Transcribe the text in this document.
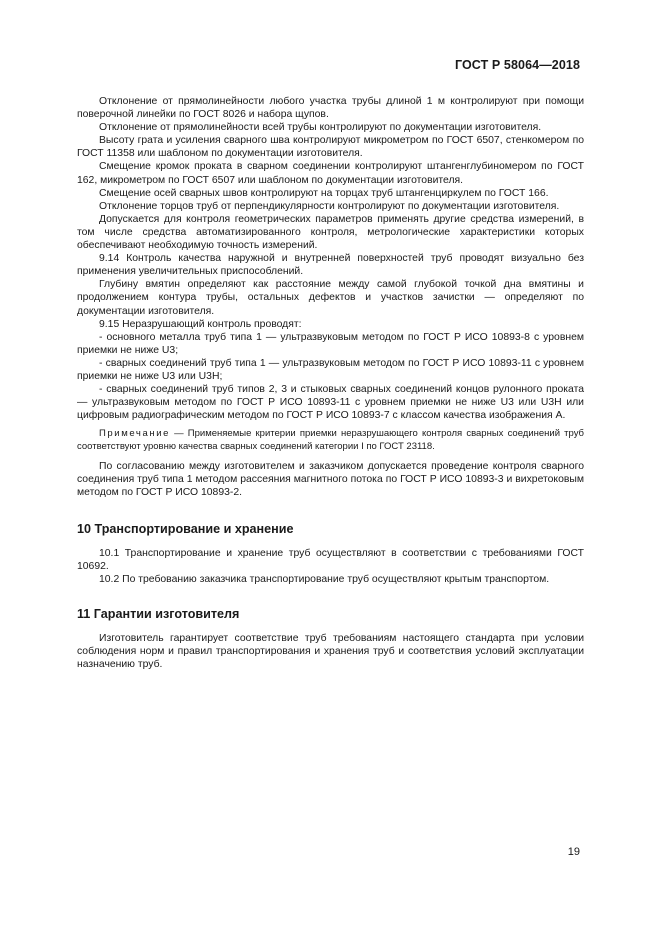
ГОСТ Р 58064—2018

Отклонение от прямолинейности любого участка трубы длиной 1 м контролируют при помощи поверочной линейки по ГОСТ 8026 и набора щупов.

Отклонение от прямолинейности всей трубы контролируют по документации изготовителя.

Высоту грата и усиления сварного шва контролируют микрометром по ГОСТ 6507, стенкомером по ГОСТ 11358 или шаблоном по документации изготовителя.

Смещение кромок проката в сварном соединении контролируют штангенглубиномером по ГОСТ 162, микрометром по ГОСТ 6507 или шаблоном по документации изготовителя.

Смещение осей сварных швов контролируют на торцах труб штангенциркулем по ГОСТ 166.

Отклонение торцов труб от перпендикулярности контролируют по документации изготовителя.

Допускается для контроля геометрических параметров применять другие средства измерений, в том числе средства автоматизированного контроля, метрологические характеристики которых обеспечивают необходимую точность измерений.

9.14 Контроль качества наружной и внутренней поверхностей труб проводят визуально без применения увеличительных приспособлений.

Глубину вмятин определяют как расстояние между самой глубокой точкой дна вмятины и продолжением контура трубы, остальных дефектов и участков зачистки — определяют по документации изготовителя.

9.15 Неразрушающий контроль проводят:

- основного металла труб типа 1 — ультразвуковым методом по ГОСТ Р ИСО 10893-8 с уровнем приемки не ниже U3;

- сварных соединений труб типа 1 — ультразвуковым методом по ГОСТ Р ИСО 10893-11 с уровнем приемки не ниже U3 или U3H;

- сварных соединений труб типов 2, 3 и стыковых сварных соединений концов рулонного проката — ультразвуковым методом по ГОСТ Р ИСО 10893-11 с уровнем приемки не ниже U3 или U3H или цифровым радиографическим методом по ГОСТ Р ИСО 10893-7 с классом качества изображения А.

Примечание — Применяемые критерии приемки неразрушающего контроля сварных соединений труб соответствуют уровню качества сварных соединений категории I по ГОСТ 23118.

По согласованию между изготовителем и заказчиком допускается проведение контроля сварного соединения труб типа 1 методом рассеяния магнитного потока по ГОСТ Р ИСО 10893-3 и вихретоковым методом по ГОСТ Р ИСО 10893-2.

10 Транспортирование и хранение

10.1 Транспортирование и хранение труб осуществляют в соответствии с требованиями ГОСТ 10692.

10.2 По требованию заказчика транспортирование труб осуществляют крытым транспортом.

11 Гарантии изготовителя

Изготовитель гарантирует соответствие труб требованиям настоящего стандарта при условии соблюдения норм и правил транспортирования и хранения труб и соответствия условий эксплуатации назначению труб.

19
